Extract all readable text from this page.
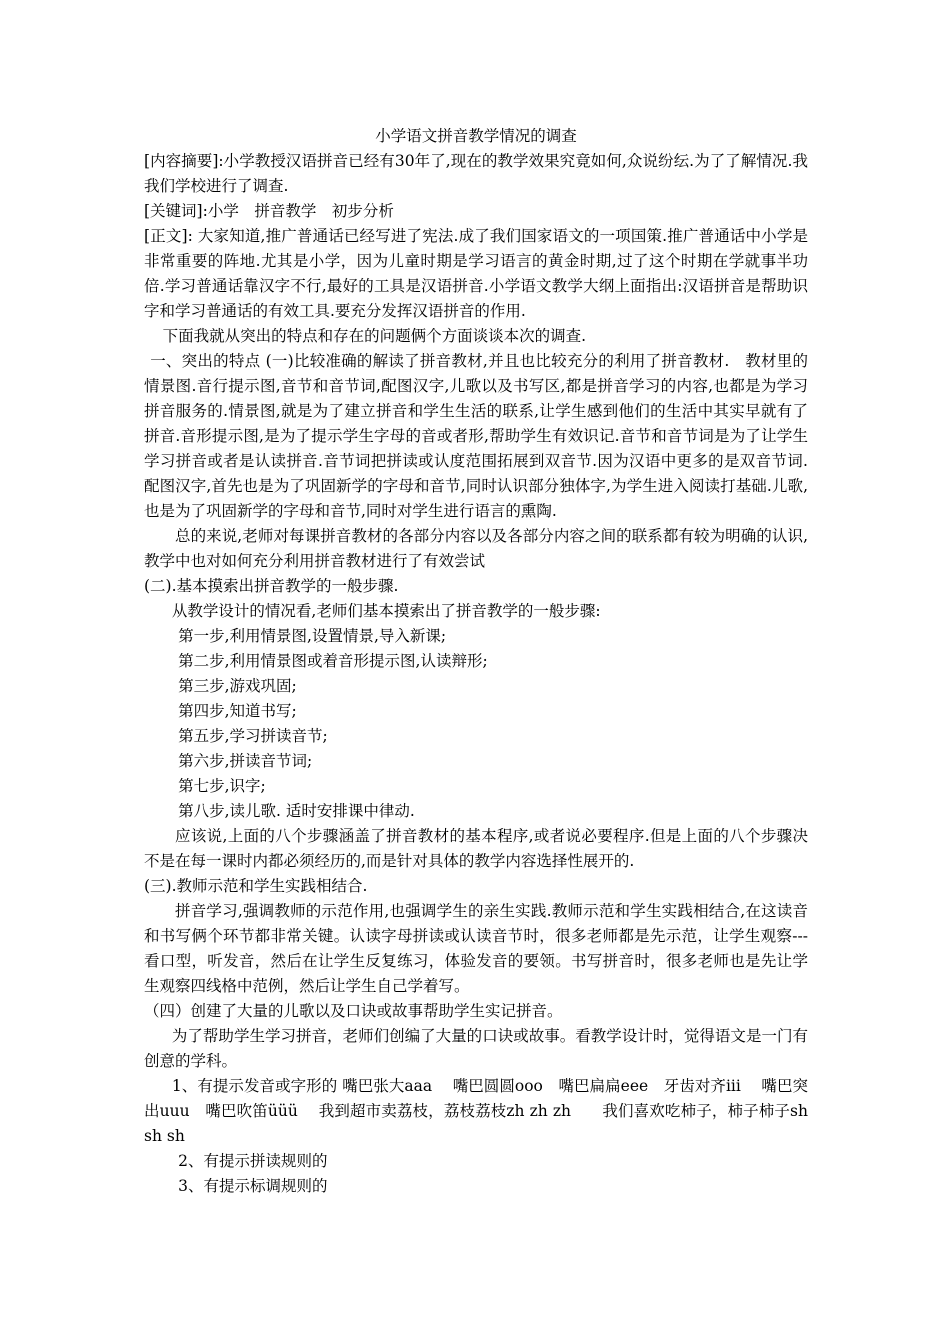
小学语文拼音教学情况的调查

[内容摘要]:小学教授汉语拼音已经有30年了,现在的教学效果究竟如何,众说纷纭.为了了解情况.我我们学校进行了调查.

[关键词]:小学　拼音教学　初步分析

[正文]: 大家知道,推广普通话已经写进了宪法.成了我们国家语文的一项国策.推广普通话中小学是非常重要的阵地.尤其是小学，因为儿童时期是学习语言的黄金时期,过了这个时期在学就事半功倍.学习普通话靠汉字不行,最好的工具是汉语拼音.小学语文教学大纲上面指出:汉语拼音是帮助识字和学习普通话的有效工具.要充分发挥汉语拼音的作用.

下面我就从突出的特点和存在的问题俩个方面谈谈本次的调查.

一、突出的特点 (一)比较准确的解读了拼音教材,并且也比较充分的利用了拼音教材.　教材里的情景图.音行提示图,音节和音节词,配图汉字,儿歌以及书写区,都是拼音学习的内容,也都是为学习拼音服务的.情景图,就是为了建立拼音和学生生活的联系,让学生感到他们的生活中其实早就有了拼音.音形提示图,是为了提示学生字母的音或者形,帮助学生有效识记.音节和音节词是为了让学生学习拼音或者是认读拼音.音节词把拼读或认度范围拓展到双音节.因为汉语中更多的是双音节词.配图汉字,首先也是为了巩固新学的字母和音节,同时认识部分独体字,为学生进入阅读打基础.儿歌,也是为了巩固新学的字母和音节,同时对学生进行语言的熏陶.

总的来说,老师对每课拼音教材的各部分内容以及各部分内容之间的联系都有较为明确的认识,教学中也对如何充分利用拼音教材进行了有效尝试

(二).基本摸索出拼音教学的一般步骤.

从教学设计的情况看,老师们基本摸索出了拼音教学的一般步骤:

第一步,利用情景图,设置情景,导入新课;

第二步,利用情景图或着音形提示图,认读辩形;

第三步,游戏巩固;

第四步,知道书写;

第五步,学习拼读音节;

第六步,拼读音节词;

第七步,识字;

第八步,读儿歌. 适时安排课中律动.

应该说,上面的八个步骤涵盖了拼音教材的基本程序,或者说必要程序.但是上面的八个步骤决不是在每一课时内都必须经历的,而是针对具体的教学内容选择性展开的.

(三).教师示范和学生实践相结合.

拼音学习,强调教师的示范作用,也强调学生的亲生实践.教师示范和学生实践相结合,在这读音和书写俩个环节都非常关键。认读字母拼读或认读音节时，很多老师都是先示范，让学生观察---看口型，听发音，然后在让学生反复练习，体验发音的要领。书写拼音时，很多老师也是先让学生观察四线格中范例，然后让学生自己学着写。

（四）创建了大量的儿歌以及口诀或故事帮助学生实记拼音。

为了帮助学生学习拼音，老师们创编了大量的口诀或故事。看教学设计时，觉得语文是一门有创意的学科。

1、有提示发音或字形的 嘴巴张大aaa　 嘴巴圆圆ooo　嘴巴扁扁eee　牙齿对齐iii　 嘴巴突出uuu　嘴巴吹笛üüü　 我到超市卖荔枝，荔枝荔枝zh zh zh　　我们喜欢吃柿子，柿子柿子sh sh sh

2、有提示拼读规则的

3、有提示标调规则的
